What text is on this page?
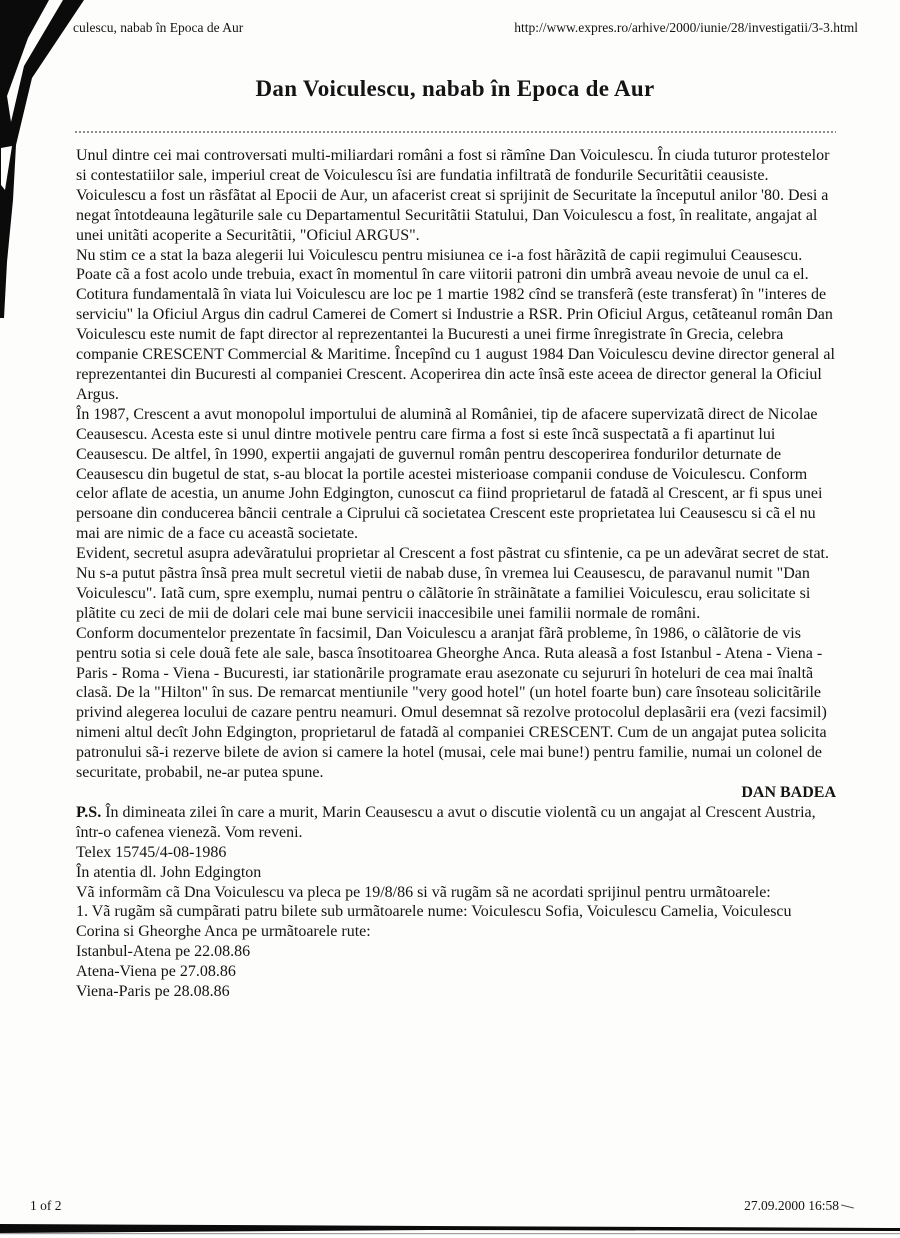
culescu, nabab în Epoca de Aur	http://www.expres.ro/arhive/2000/iunie/28/investigatii/3-3.html
Dan Voiculescu, nabab în Epoca de Aur

Unul dintre cei mai controversati multi-miliardari români a fost si rãmîne Dan Voiculescu. În ciuda tuturor protestelor si contestatiilor sale, imperiul creat de Voiculescu îsi are fundatia infiltratã de fondurile Securitãtii ceausiste. Voiculescu a fost un rãsfãtat al Epocii de Aur, un afacerist creat si sprijinit de Securitate la începutul anilor '80. Desi a negat întotdeauna legãturile sale cu Departamentul Securitãtii Statului, Dan Voiculescu a fost, în realitate, angajat al unei unitãti acoperite a Securitãtii, "Oficiul ARGUS".

Nu stim ce a stat la baza alegerii lui Voiculescu pentru misiunea ce i-a fost hãrãzitã de capii regimului Ceausescu. Poate cã a fost acolo unde trebuia, exact în momentul în care viitorii patroni din umbrã aveau nevoie de unul ca el. Cotitura fundamentalã în viata lui Voiculescu are loc pe 1 martie 1982 cînd se transferã (este transferat) în "interes de serviciu" la Oficiul Argus din cadrul Camerei de Comert si Industrie a RSR. Prin Oficiul Argus, cetãteanul român Dan Voiculescu este numit de fapt director al reprezentantei la Bucuresti a unei firme înregistrate în Grecia, celebra companie CRESCENT Commercial & Maritime. Începînd cu 1 august 1984 Dan Voiculescu devine director general al reprezentantei din Bucuresti al companiei Crescent. Acoperirea din acte însã este aceea de director general la Oficiul Argus.

În 1987, Crescent a avut monopolul importului de aluminã al României, tip de afacere supervizatã direct de Nicolae Ceausescu. Acesta este si unul dintre motivele pentru care firma a fost si este încã suspectatã a fi apartinut lui Ceausescu. De altfel, în 1990, expertii angajati de guvernul român pentru descoperirea fondurilor deturnate de Ceausescu din bugetul de stat, s-au blocat la portile acestei misterioase companii conduse de Voiculescu. Conform celor aflate de acestia, un anume John Edgington, cunoscut ca fiind proprietarul de fatadã al Crescent, ar fi spus unei persoane din conducerea bãncii centrale a Ciprului cã societatea Crescent este proprietatea lui Ceausescu si cã el nu mai are nimic de a face cu aceastã societate.

Evident, secretul asupra adevãratului proprietar al Crescent a fost pãstrat cu sfintenie, ca pe un adevãrat secret de stat. Nu s-a putut pãstra însã prea mult secretul vietii de nabab duse, în vremea lui Ceausescu, de paravanul numit "Dan Voiculescu". Iatã cum, spre exemplu, numai pentru o cãlãtorie în strãinãtate a familiei Voiculescu, erau solicitate si plãtite cu zeci de mii de dolari cele mai bune servicii inaccesibile unei familii normale de români.

Conform documentelor prezentate în facsimil, Dan Voiculescu a aranjat fãrã probleme, în 1986, o cãlãtorie de vis pentru sotia si cele douã fete ale sale, basca însotitoarea Gheorghe Anca. Ruta aleasã a fost Istanbul - Atena - Viena - Paris - Roma - Viena - Bucuresti, iar stationãrile programate erau asezonate cu sejururi în hoteluri de cea mai înaltã clasã. De la "Hilton" în sus. De remarcat mentiunile "very good hotel" (un hotel foarte bun) care însoteau solicitãrile privind alegerea locului de cazare pentru neamuri. Omul desemnat sã rezolve protocolul deplasãrii era (vezi facsimil) nimeni altul decît John Edgington, proprietarul de fatadã al companiei CRESCENT. Cum de un angajat putea solicita patronului sã-i rezerve bilete de avion si camere la hotel (musai, cele mai bune!) pentru familie, numai un colonel de securitate, probabil, ne-ar putea spune.

DAN BADEA

P.S. În dimineata zilei în care a murit, Marin Ceausescu a avut o discutie violentã cu un angajat al Crescent Austria, într-o cafenea vienezã. Vom reveni.

Telex 15745/4-08-1986

În atentia dl. John Edgington

Vã informãm cã Dna Voiculescu va pleca pe 19/8/86 si vã rugãm sã ne acordati sprijinul pentru urmãtoarele:

1. Vã rugãm sã cumpãrati patru bilete sub urmãtoarele nume: Voiculescu Sofia, Voiculescu Camelia, Voiculescu Corina si Gheorghe Anca pe urmãtoarele rute:

Istanbul-Atena pe 22.08.86

Atena-Viena pe 27.08.86

Viena-Paris pe 28.08.86

1 of 2	27.09.2000 16:58
